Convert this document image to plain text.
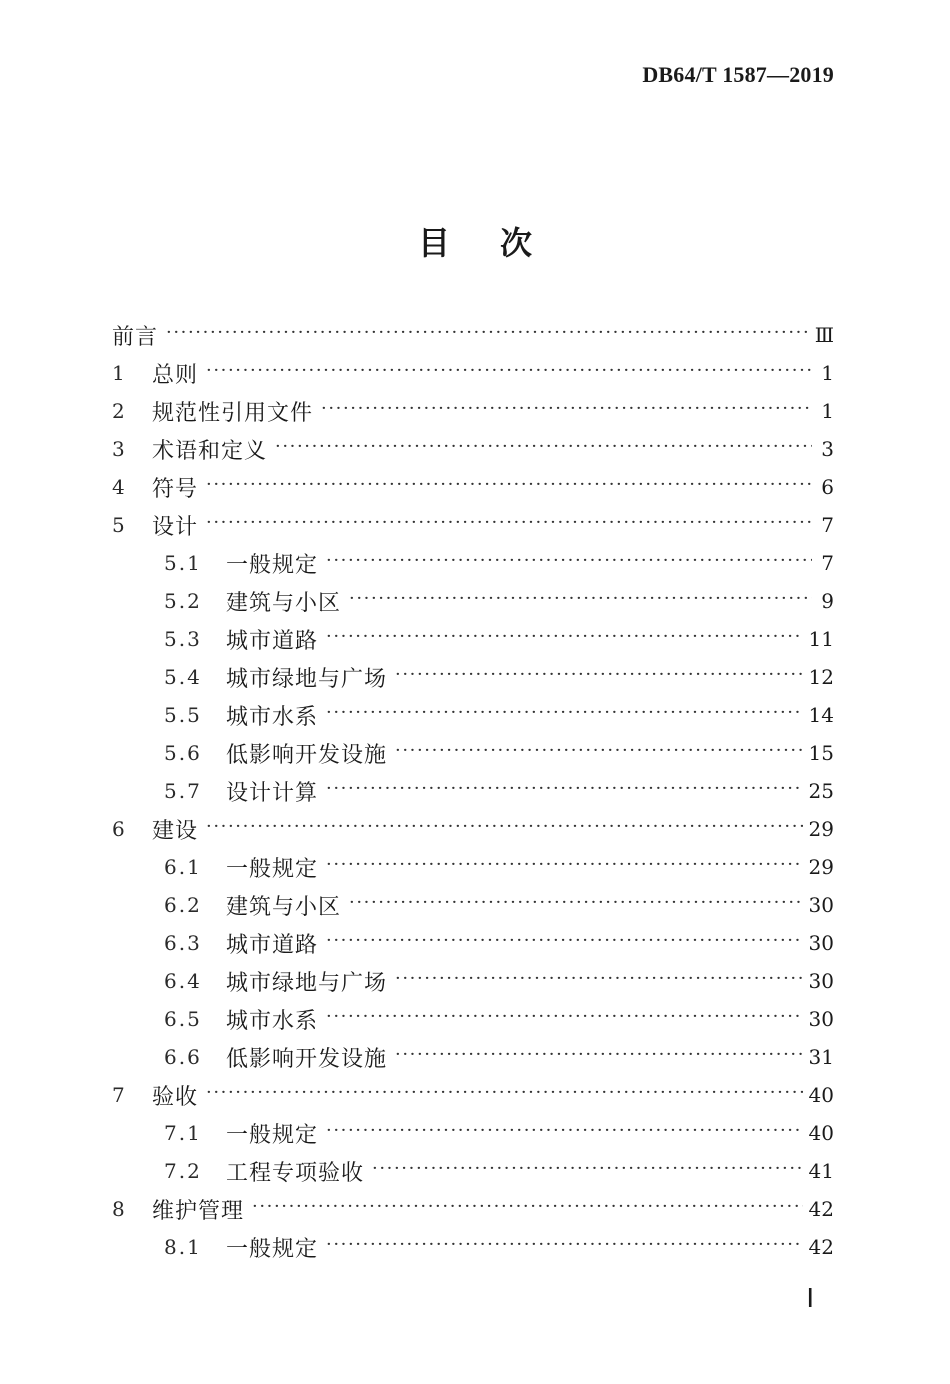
DB64/T 1587—2019
目次
前言 ·····	Ⅲ
1	总则 ·····	1
2	规范性引用文件 ·····	1
3	术语和定义 ·····	3
4	符号 ·····	6
5	设计 ·····	7
5.1	一般规定 ·····	7
5.2	建筑与小区 ·····	9
5.3	城市道路 ·····	11
5.4	城市绿地与广场 ·····	12
5.5	城市水系 ·····	14
5.6	低影响开发设施 ·····	15
5.7	设计计算 ·····	25
6	建设 ·····	29
6.1	一般规定 ·····	29
6.2	建筑与小区 ·····	30
6.3	城市道路 ·····	30
6.4	城市绿地与广场 ·····	30
6.5	城市水系 ·····	30
6.6	低影响开发设施 ·····	31
7	验收 ·····	40
7.1	一般规定 ·····	40
7.2	工程专项验收 ·····	41
8	维护管理 ·····	42
8.1	一般规定 ·····	42
Ⅰ
